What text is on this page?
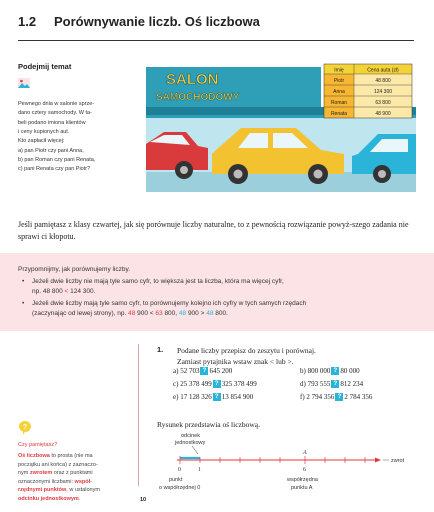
1.2 Porównywanie liczb. Oś liczbowa
Podejmij temat
Pewnego dnia w salonie sprze-
dano cztery samochody. W ta-
beli podano imiona klientów
i ceny kupionych aut.
Kto zapłacił więcej:
a) pan Piotr czy pani Anna,
b) pan Roman czy pani Renata,
c) pani Renata czy pan Piotr?
SALON
SAMOCHODOWY
Imię	Cena auta (zł)
Piotr	48 800
Anna	124 300
Roman	63 800
Renata	48 900
Jeśli pamiętasz z klasy czwartej, jak się porównuje liczby naturalne, to z pewnością rozwiązanie powyż-szego zadania nie sprawi ci kłopotu.
Przypomnijmy, jak porównujemy liczby.
• Jeżeli dwie liczby nie mają tyle samo cyfr, to większa jest ta liczba, która ma więcej cyfr,
np. 48 800 < 124 300.
• Jeżeli dwie liczby mają tyle samo cyfr, to porównujemy kolejno ich cyfry w tych samych rzędach
(zaczynając od lewej strony), np. 48 900 < 63 800, 48 900 > 48 800.
?
Czy pamiętasz?
Oś liczbowa to prosta (nie ma
początku ani końca) z zaznaczo-
nym zwrotem oraz z punktami
oznaczonymi liczbami: współ-
rzędnymi punktów, w ustalonym
odcinku jednostkowym.
1. Podane liczby przepisz do zeszytu i porównaj.
Zamiast pytajnika wstaw znak < lub >.
a) 52 703 ? 645 200	b) 800 000 ? 80 000
c) 25 378 499 ? 325 378 499	d) 793 555 ? 812 234
e) 17 128 326 ? 13 854 900	f) 2 794 356 ? 2 784 356
Rysunek przedstawia oś liczbową.
odcinek
jednostkowy
A
zwrot
0	1	6
punkt
o współrzędnej 0
współrzędna
punktu A
10
